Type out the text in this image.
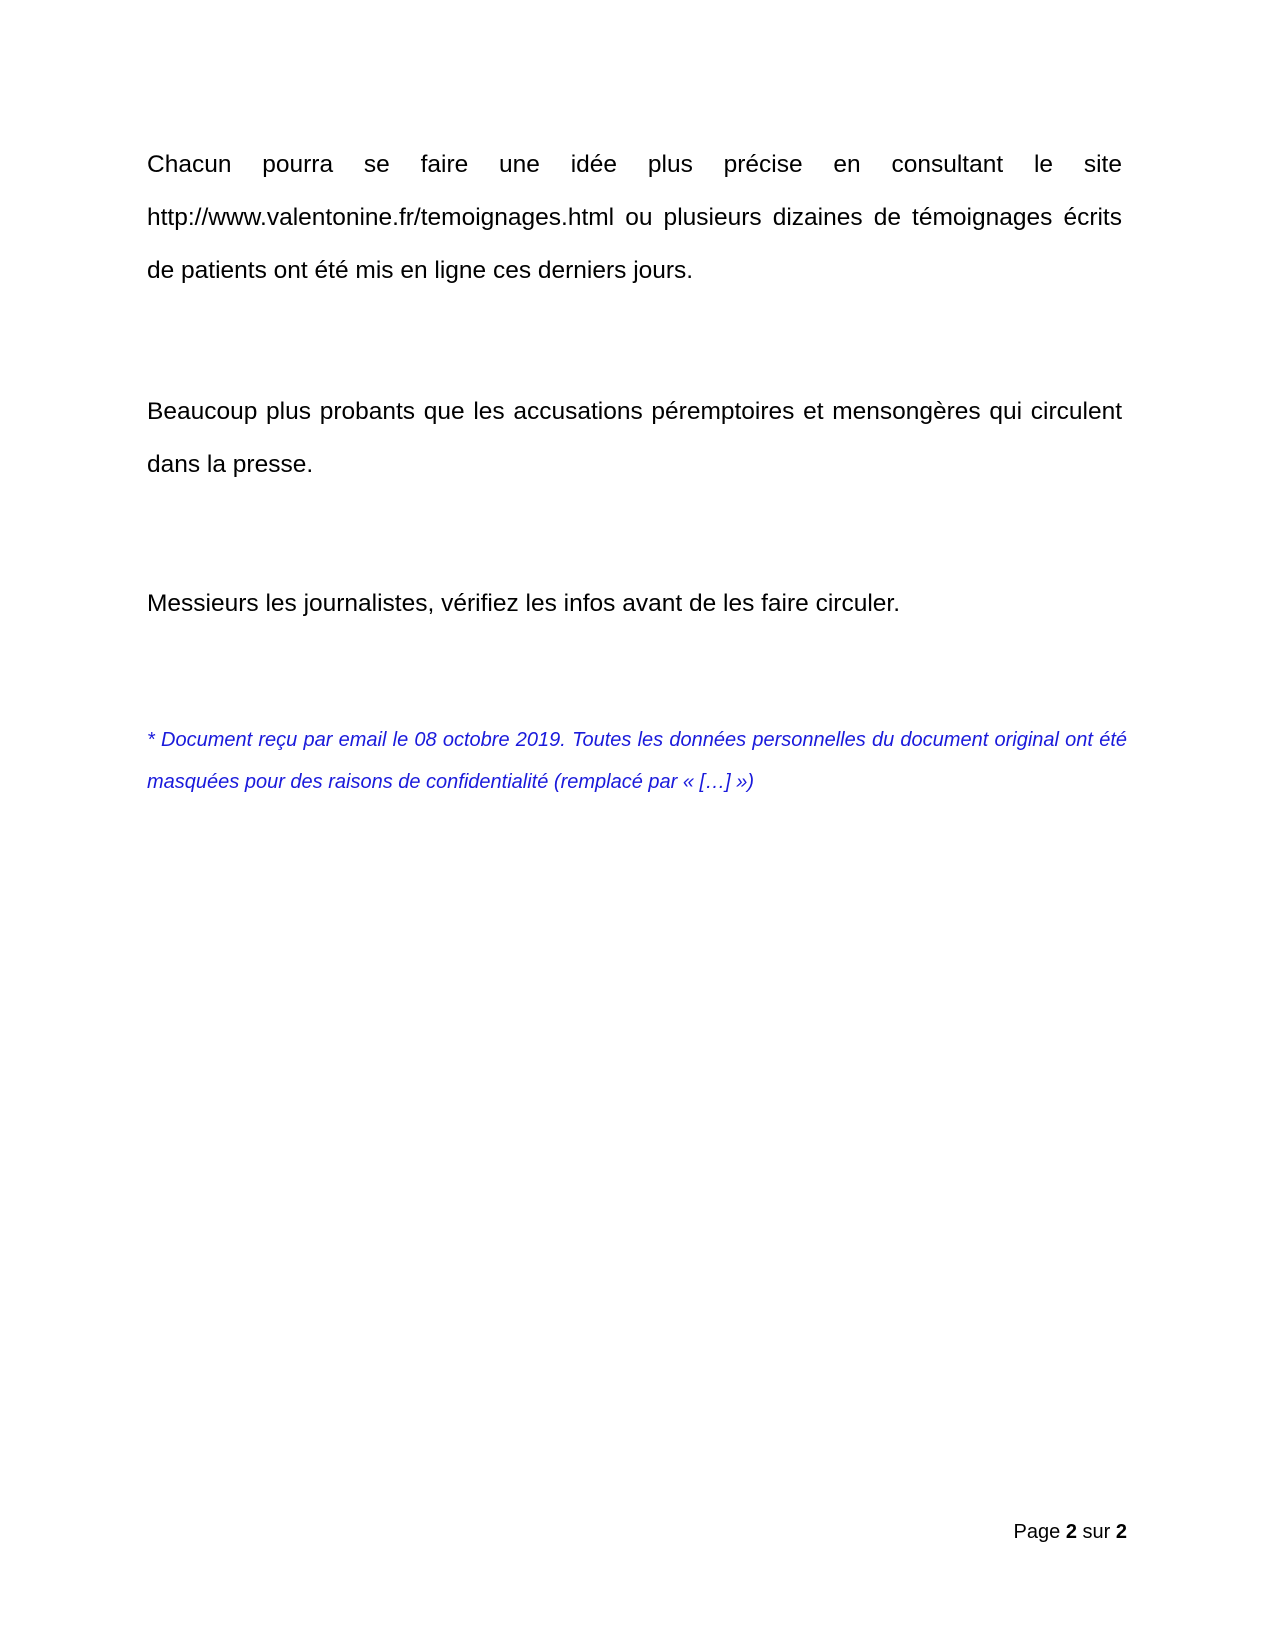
Chacun pourra se faire une idée plus précise en consultant le site http://www.valentonine.fr/temoignages.html ou plusieurs dizaines de témoignages écrits de patients ont été mis en ligne ces derniers jours.

Beaucoup plus probants que les accusations péremptoires et mensongères qui circulent dans la presse.

Messieurs les journalistes, vérifiez les infos avant de les faire circuler.

* Document reçu par email le 08 octobre 2019. Toutes les données personnelles du document original ont été masquées pour des raisons de confidentialité (remplacé par « […] »)

Page 2 sur 2
